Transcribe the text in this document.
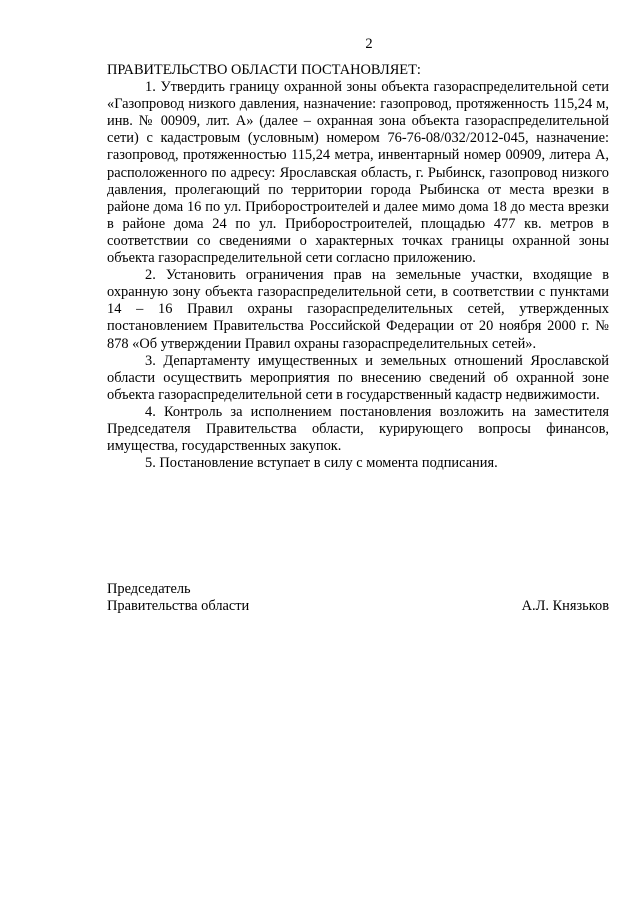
2

ПРАВИТЕЛЬСТВО ОБЛАСТИ ПОСТАНОВЛЯЕТ:

1. Утвердить границу охранной зоны объекта газораспределительной сети «Газопровод низкого давления, назначение: газопровод, протяженность 115,24 м, инв. № 00909, лит. А» (далее – охранная зона объекта газораспределительной сети) с кадастровым (условным) номером 76-76-08/032/2012-045, назначение: газопровод, протяженностью 115,24 метра, инвентарный номер 00909, литера А, расположенного по адресу: Ярославская область, г. Рыбинск, газопровод низкого давления, пролегающий по территории города Рыбинска от места врезки в районе дома 16 по ул. Приборостроителей и далее мимо дома 18 до места врезки в районе дома 24 по ул. Приборостроителей, площадью 477 кв. метров в соответствии со сведениями о характерных точках границы охранной зоны объекта газораспределительной сети согласно приложению.

2. Установить ограничения прав на земельные участки, входящие в охранную зону объекта газораспределительной сети, в соответствии с пунктами 14 – 16 Правил охраны газораспределительных сетей, утвержденных постановлением Правительства Российской Федерации от 20 ноября 2000 г. № 878 «Об утверждении Правил охраны газораспределительных сетей».

3. Департаменту имущественных и земельных отношений Ярославской области осуществить мероприятия по внесению сведений об охранной зоне объекта газораспределительной сети в государственный кадастр недвижимости.

4. Контроль за исполнением постановления возложить на заместителя Председателя Правительства области, курирующего вопросы финансов, имущества, государственных закупок.

5. Постановление вступает в силу с момента подписания.

Председатель
Правительства области	А.Л. Князьков
